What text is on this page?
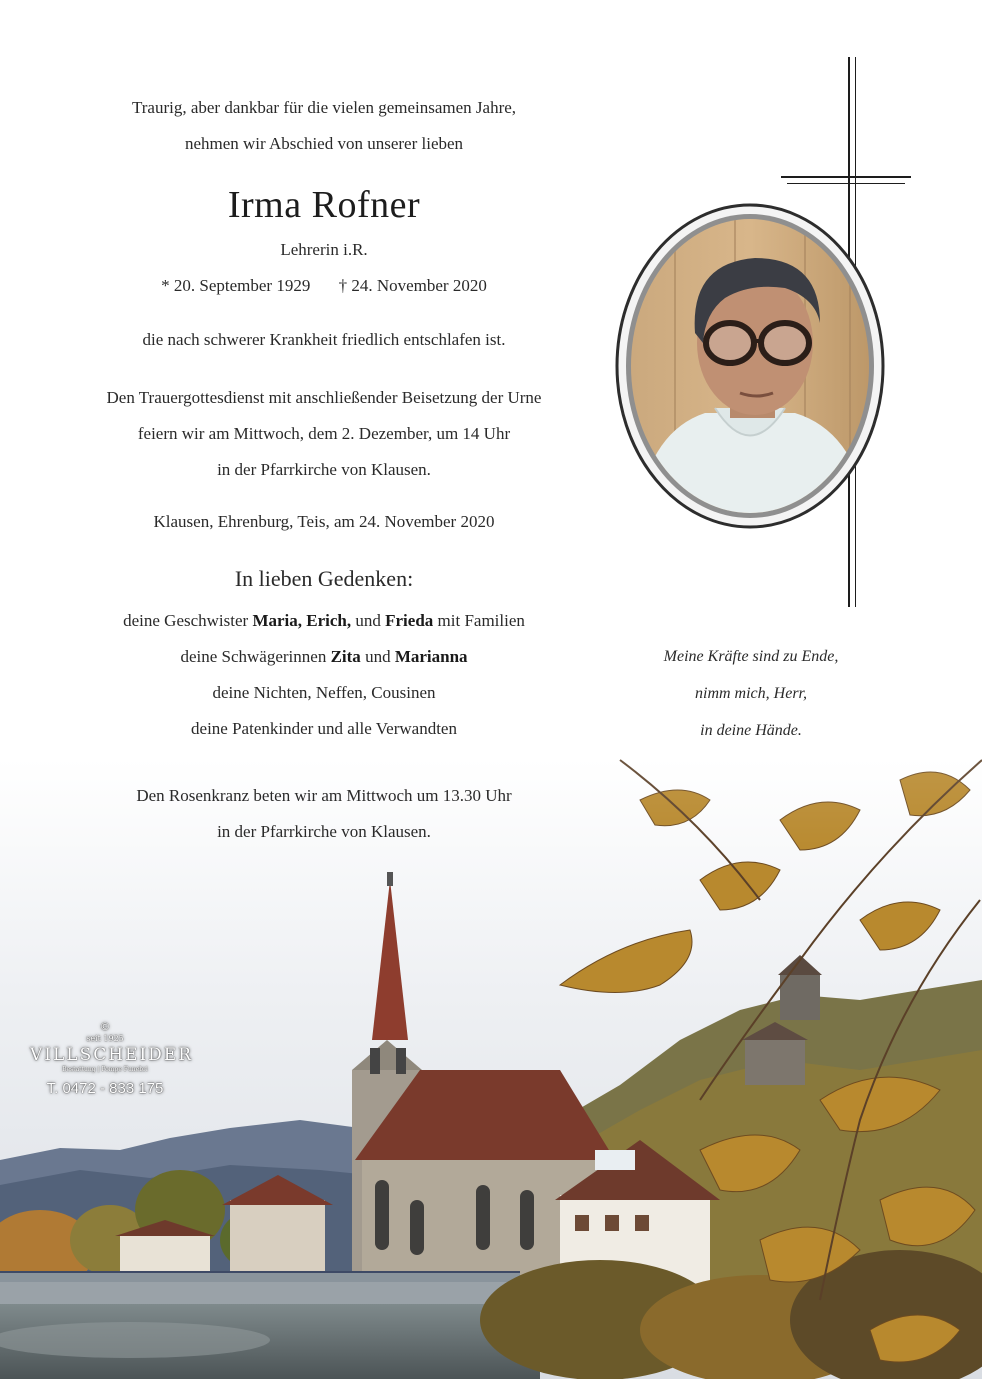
Traurig, aber dankbar für die vielen gemeinsamen Jahre,
nehmen wir Abschied von unserer lieben
Irma Rofner
Lehrerin i.R.
* 20. September 1929 † 24. November 2020
die nach schwerer Krankheit friedlich entschlafen ist.
Den Trauergottesdienst mit anschließender Beisetzung der Urne
feiern wir am Mittwoch, dem 2. Dezember, um 14 Uhr
in der Pfarrkirche von Klausen.
Klausen, Ehrenburg, Teis, am 24. November 2020
In lieben Gedenken:
deine Geschwister Maria, Erich, und Frieda mit Familien
deine Schwägerinnen Zita und Marianna
deine Nichten, Neffen, Cousinen
deine Patenkinder und alle Verwandten
Den Rosenkranz beten wir am Mittwoch um 13.30 Uhr
in der Pfarrkirche von Klausen.
Meine Kräfte sind zu Ende,
nimm mich, Herr,
in deine Hände.
©
seit 1925
VILLSCHEIDER
Bestattung | Pompe Funebri
T. 0472 - 833 175
